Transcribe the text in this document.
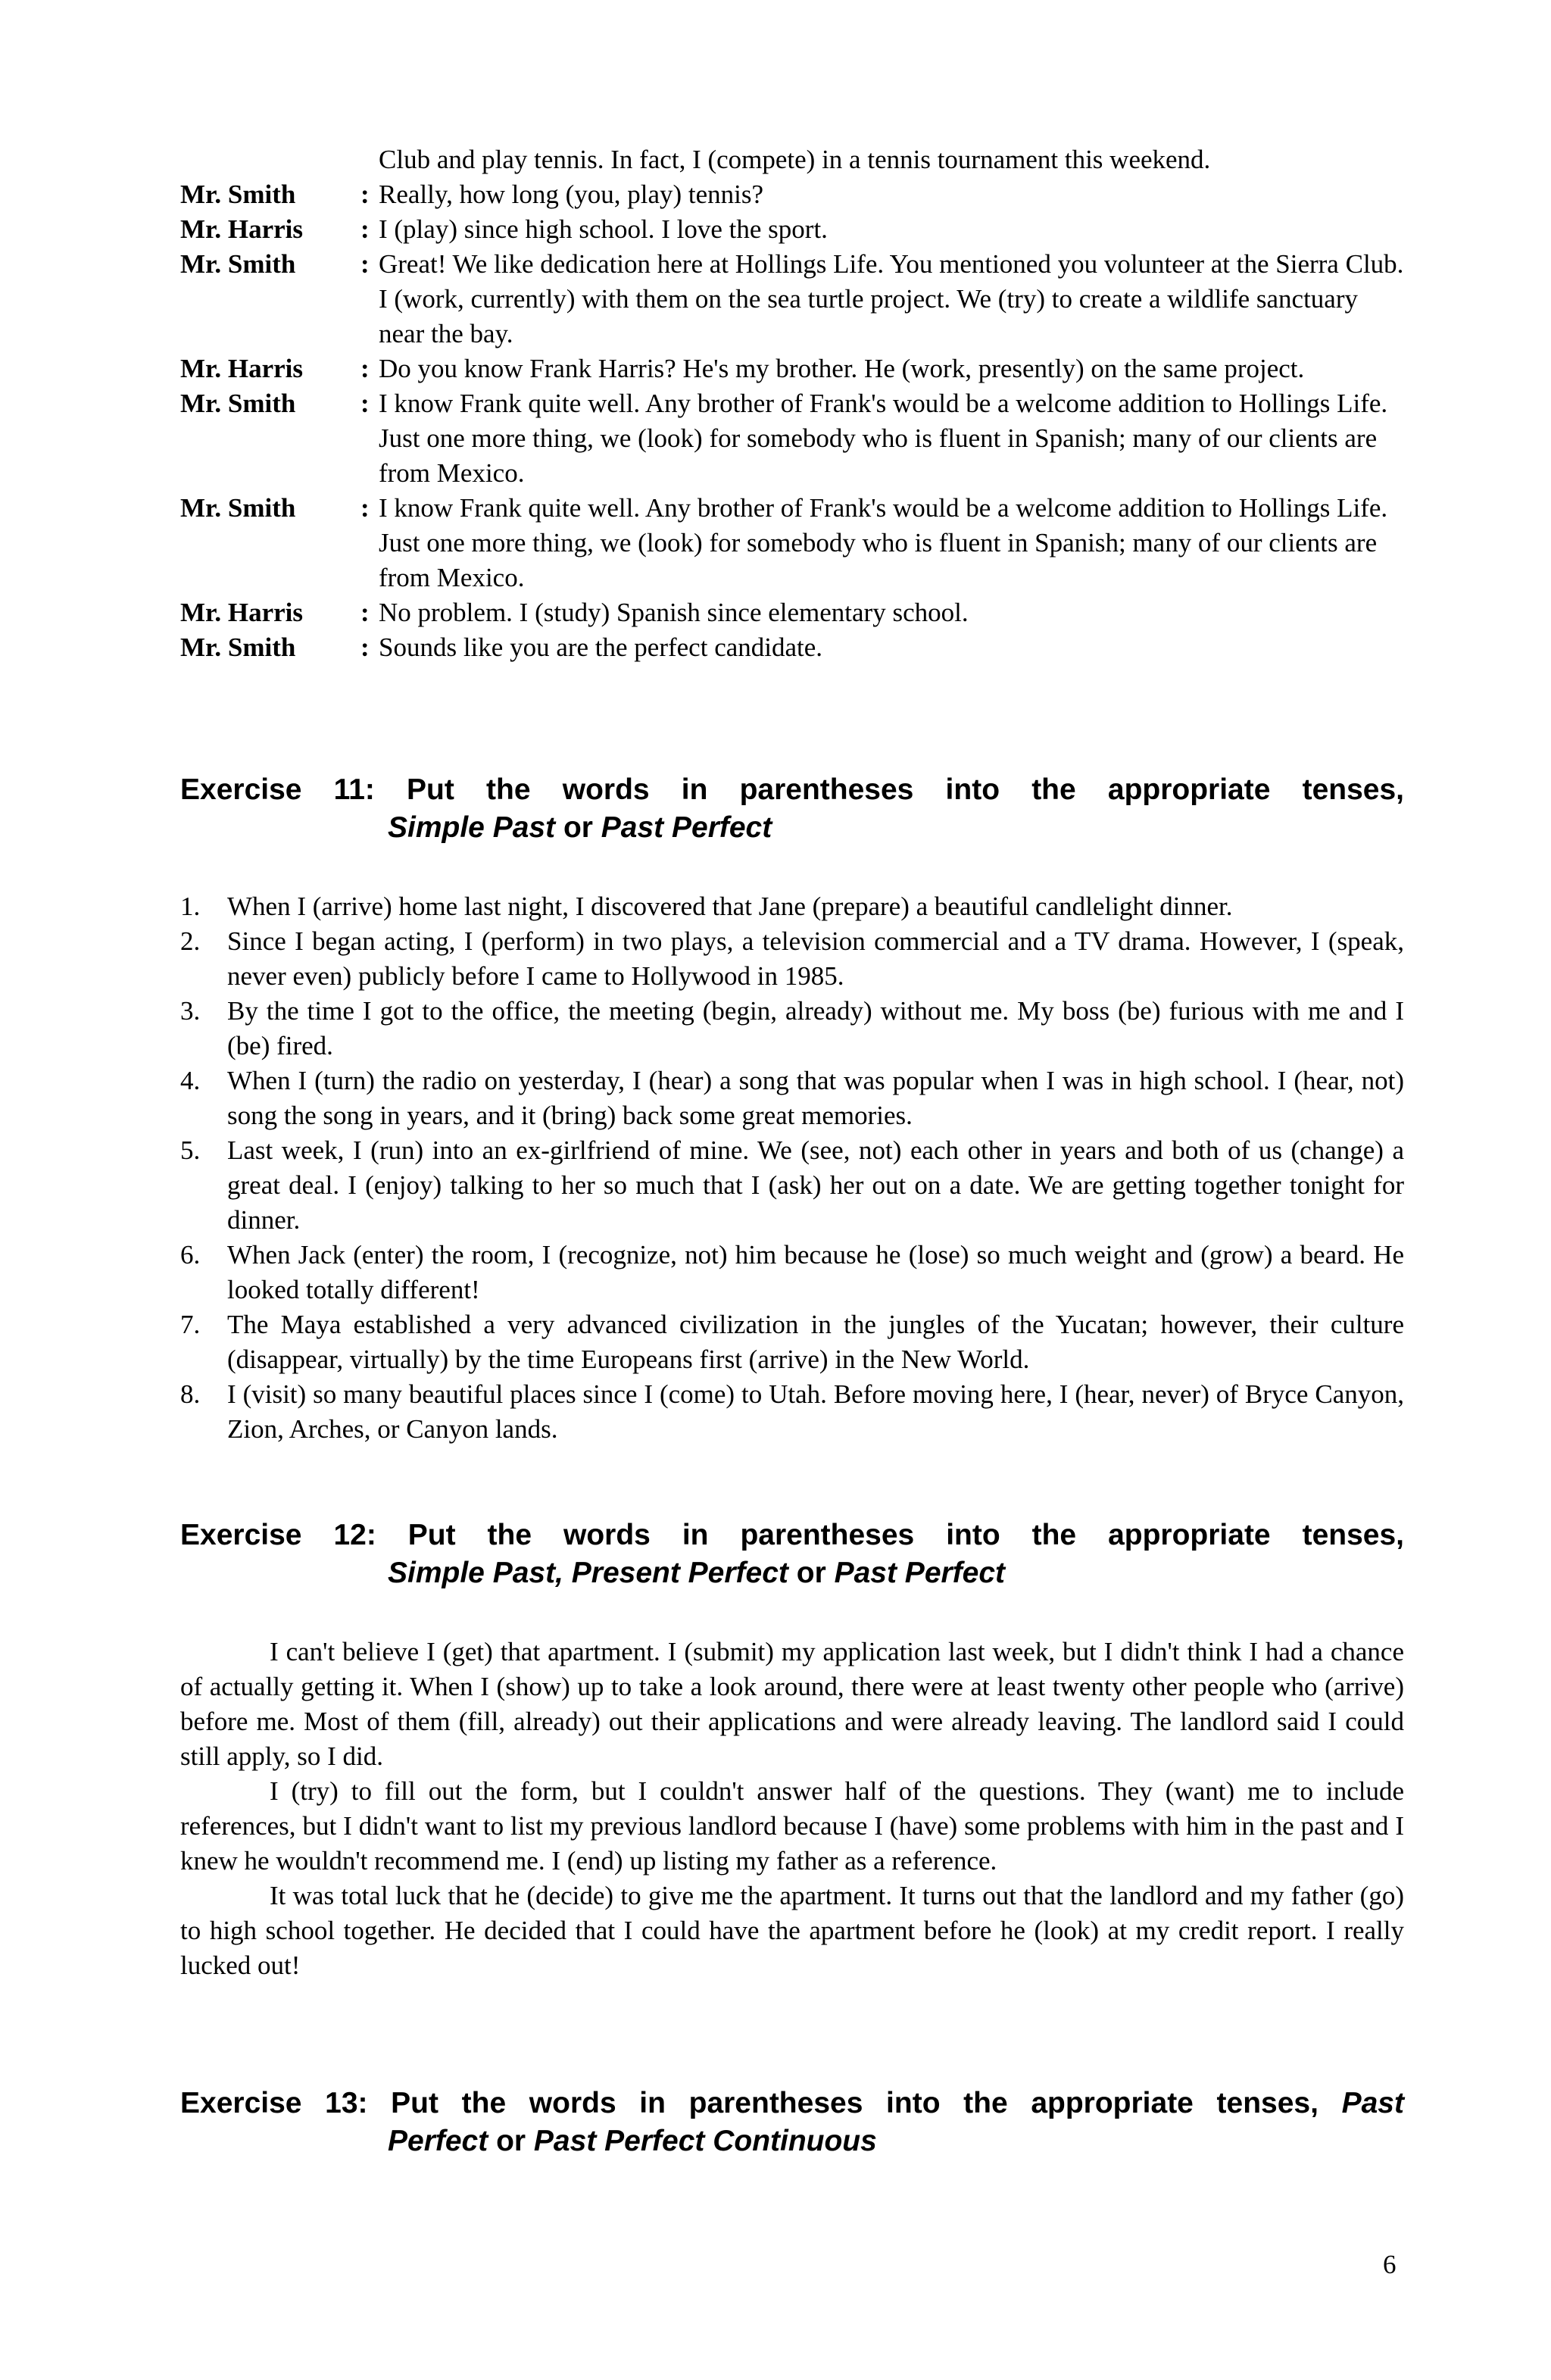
Club and play tennis. In fact, I (compete) in a tennis tournament this weekend.
Mr. Smith : Really, how long (you, play) tennis?
Mr. Harris : I (play) since high school. I love the sport.
Mr. Smith : Great! We like dedication here at Hollings Life. You mentioned you volunteer at the Sierra Club. I (work, currently) with them on the sea turtle project. We (try) to create a wildlife sanctuary near the bay.
Mr. Harris : Do you know Frank Harris? He's my brother. He (work, presently) on the same project.
Mr. Smith : I know Frank quite well. Any brother of Frank's would be a welcome addition to Hollings Life. Just one more thing, we (look) for somebody who is fluent in Spanish; many of our clients are from Mexico.
Mr. Smith : I know Frank quite well. Any brother of Frank's would be a welcome addition to Hollings Life. Just one more thing, we (look) for somebody who is fluent in Spanish; many of our clients are from Mexico.
Mr. Harris : No problem. I (study) Spanish since elementary school.
Mr. Smith : Sounds like you are the perfect candidate.
Exercise 11: Put the words in parentheses into the appropriate tenses,
Simple Past or Past Perfect
1. When I (arrive) home last night, I discovered that Jane (prepare) a beautiful candlelight dinner.
2. Since I began acting, I (perform) in two plays, a television commercial and a TV drama. However, I (speak, never even) publicly before I came to Hollywood in 1985.
3. By the time I got to the office, the meeting (begin, already) without me. My boss (be) furious with me and I (be) fired.
4. When I (turn) the radio on yesterday, I (hear) a song that was popular when I was in high school. I (hear, not) song the song in years, and it (bring) back some great memories.
5. Last week, I (run) into an ex-girlfriend of mine. We (see, not) each other in years and both of us (change) a great deal. I (enjoy) talking to her so much that I (ask) her out on a date. We are getting together tonight for dinner.
6. When Jack (enter) the room, I (recognize, not) him because he (lose) so much weight and (grow) a beard. He looked totally different!
7. The Maya established a very advanced civilization in the jungles of the Yucatan; however, their culture (disappear, virtually) by the time Europeans first (arrive) in the New World.
8. I (visit) so many beautiful places since I (come) to Utah. Before moving here, I (hear, never) of Bryce Canyon, Zion, Arches, or Canyon lands.
Exercise 12: Put the words in parentheses into the appropriate tenses,
Simple Past, Present Perfect or Past Perfect

I can't believe I (get) that apartment. I (submit) my application last week, but I didn't think I had a chance of actually getting it. When I (show) up to take a look around, there were at least twenty other people who (arrive) before me. Most of them (fill, already) out their applications and were already leaving. The landlord said I could still apply, so I did.

I (try) to fill out the form, but I couldn't answer half of the questions. They (want) me to include references, but I didn't want to list my previous landlord because I (have) some problems with him in the past and I knew he wouldn't recommend me. I (end) up listing my father as a reference.

It was total luck that he (decide) to give me the apartment. It turns out that the landlord and my father (go) to high school together. He decided that I could have the apartment before he (look) at my credit report. I really lucked out!

Exercise 13: Put the words in parentheses into the appropriate tenses, Past
Perfect or Past Perfect Continuous
6
